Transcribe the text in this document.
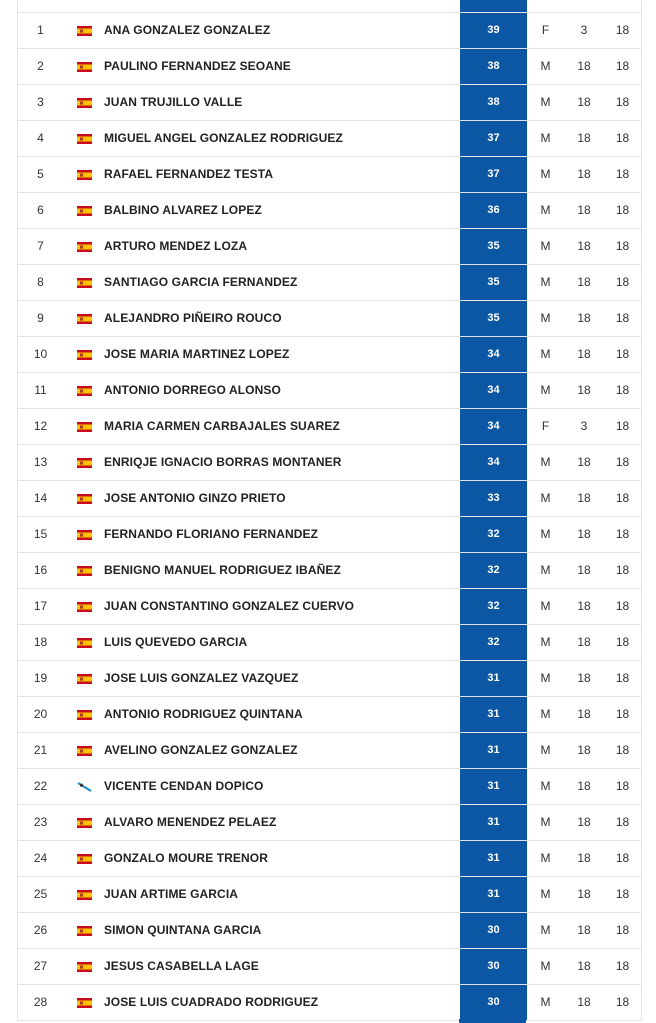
1	ANA GONZALEZ GONZALEZ	39	F	3	18
2	PAULINO FERNANDEZ SEOANE	38	M	18	18
3	JUAN TRUJILLO VALLE	38	M	18	18
4	MIGUEL ANGEL GONZALEZ RODRIGUEZ	37	M	18	18
5	RAFAEL FERNANDEZ TESTA	37	M	18	18
6	BALBINO ALVAREZ LOPEZ	36	M	18	18
7	ARTURO MENDEZ LOZA	35	M	18	18
8	SANTIAGO GARCIA FERNANDEZ	35	M	18	18
9	ALEJANDRO PIÑEIRO ROUCO	35	M	18	18
10	JOSE MARIA MARTINEZ LOPEZ	34	M	18	18
11	ANTONIO DORREGO ALONSO	34	M	18	18
12	MARIA CARMEN CARBAJALES SUAREZ	34	F	3	18
13	ENRIQJE IGNACIO BORRAS MONTANER	34	M	18	18
14	JOSE ANTONIO GINZO PRIETO	33	M	18	18
15	FERNANDO FLORIANO FERNANDEZ	32	M	18	18
16	BENIGNO MANUEL RODRIGUEZ IBAÑEZ	32	M	18	18
17	JUAN CONSTANTINO GONZALEZ CUERVO	32	M	18	18
18	LUIS QUEVEDO GARCIA	32	M	18	18
19	JOSE LUIS GONZALEZ VAZQUEZ	31	M	18	18
20	ANTONIO RODRIGUEZ QUINTANA	31	M	18	18
21	AVELINO GONZALEZ GONZALEZ	31	M	18	18
22	VICENTE CENDAN DOPICO	31	M	18	18
23	ALVARO MENENDEZ PELAEZ	31	M	18	18
24	GONZALO MOURE TRENOR	31	M	18	18
25	JUAN ARTIME GARCIA	31	M	18	18
26	SIMON QUINTANA GARCIA	30	M	18	18
27	JESUS CASABELLA LAGE	30	M	18	18
28	JOSE LUIS CUADRADO RODRIGUEZ	30	M	18	18
